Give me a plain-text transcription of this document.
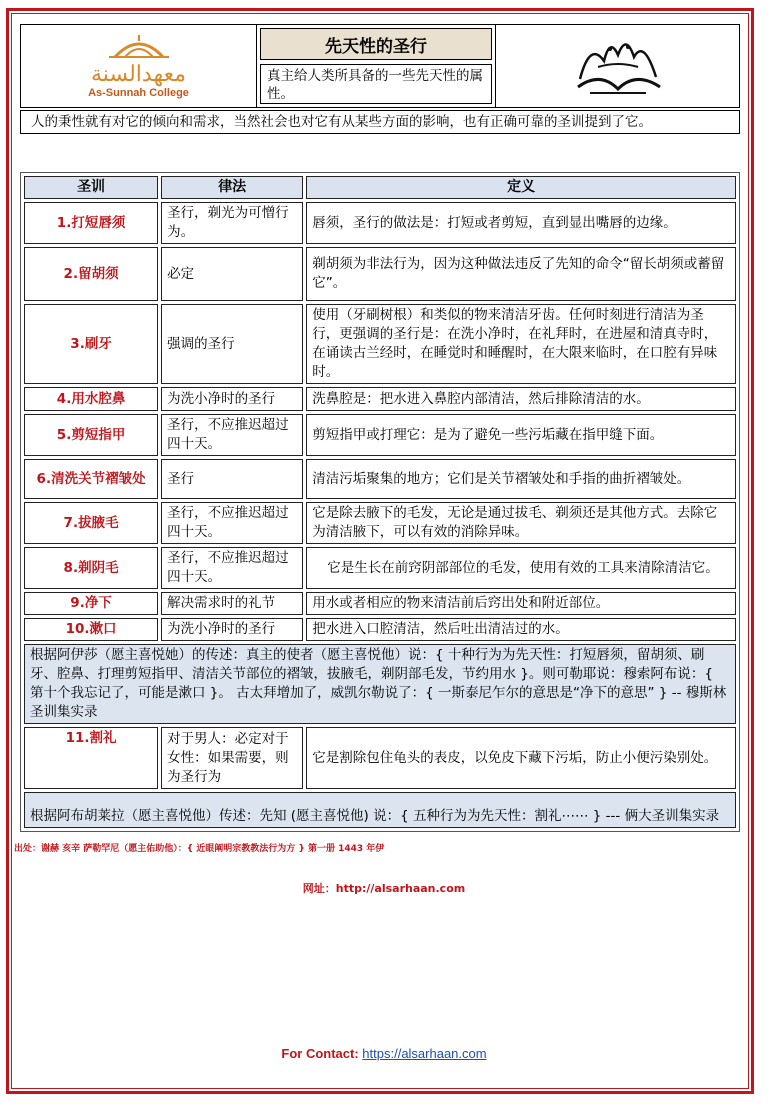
معهدالسنة
As-Sunnah College
先天性的圣行
真主给人类所具备的一些先天性的属性。
人的秉性就有对它的倾向和需求，当然社会也对它有从某些方面的影响，也有正确可靠的圣训提到了它。
圣训	律法	定义
1.打短唇须	圣行，剃光为可憎行为。	唇须，圣行的做法是：打短或者剪短，直到显出嘴唇的边缘。
2.留胡须	必定	剃胡须为非法行为，因为这种做法违反了先知的命令“留长胡须或蓄留它”。
3.刷牙	强调的圣行	使用（牙刷树根）和类似的物来清洁牙齿。任何时刻进行清洁为圣行，更强调的圣行是：在洗小净时，在礼拜时，在进屋和清真寺时，在诵读古兰经时，在睡觉时和睡醒时，在大限来临时，在口腔有异味时。
4.用水腔鼻	为洗小净时的圣行	洗鼻腔是：把水进入鼻腔内部清洁，然后排除清洁的水。
5.剪短指甲	圣行，不应推迟超过四十天。	剪短指甲或打理它：是为了避免一些污垢藏在指甲缝下面。
6.清洗关节褶皱处	圣行	清洁污垢聚集的地方；它们是关节褶皱处和手指的曲折褶皱处。
7.拔腋毛	圣行，不应推迟超过四十天。	它是除去腋下的毛发，无论是通过拔毛、剃须还是其他方式。去除它为清洁腋下，可以有效的消除异味。
8.剃阴毛	圣行，不应推迟超过四十天。	它是生长在前窍阴部部位的毛发，使用有效的工具来清除清洁它。
9.净下	解决需求时的礼节	用水或者相应的物来清洁前后窍出处和附近部位。
10.漱口	为洗小净时的圣行	把水进入口腔清洁，然后吐出清洁过的水。
根据阿伊莎（愿主喜悦她）的传述：真主的使者（愿主喜悦他）说：{ 十种行为为先天性：打短唇须，留胡须、刷牙、腔鼻、打理剪短指甲、清洁关节部位的褶皱，拔腋毛，剃阴部毛发，节约用水 }。则可勒耶说：穆索阿布说：{ 第十个我忘记了，可能是漱口 }。 古太拜增加了，威凯尔勒说了：{ 一斯泰尼乍尔的意思是“净下的意思” } -- 穆斯林圣训集实录		
11.割礼	对于男人：必定对于女性：如果需要，则为圣行为	它是割除包住龟头的表皮，以免皮下藏下污垢，防止小便污染别处。
根据阿布胡莱拉（愿主喜悦他）传述：先知 (愿主喜悦他) 说：{ 五种行为为先天性：割礼⋯⋯ } --- 俩大圣训集实录		
出处：谢赫 亥辛 萨勒罕尼（愿主佑助他）：{ 近眼阐明宗教教法行为方 } 第一册 1443 年伊
网址：http://alsarhaan.com
For Contact: https://alsarhaan.com
